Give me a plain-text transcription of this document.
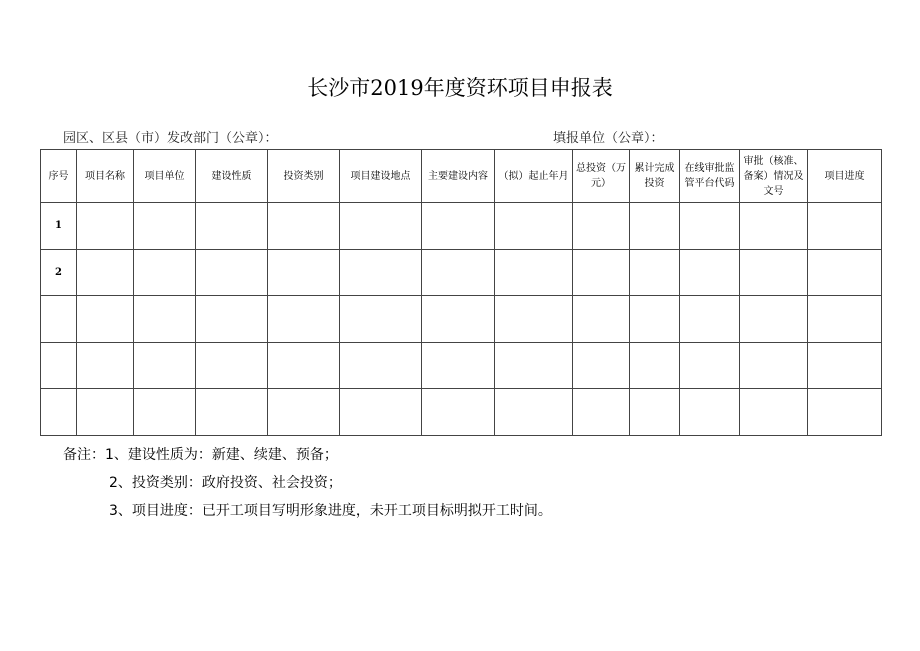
长沙市2019年度资环项目申报表
园区、区县（市）发改部门（公章）：	填报单位（公章）：
序号	项目名称	项目单位	建设性质	投资类别	项目建设地点	主要建设内容	（拟）起止年月	总投资（万元）	累计完成投资	在线审批监管平台代码	审批（核准、备案）情况及文号	项目进度
1												
2												

备注：1、建设性质为：新建、续建、预备；
2、投资类别：政府投资、社会投资；
3、项目进度：已开工项目写明形象进度，未开工项目标明拟开工时间。
